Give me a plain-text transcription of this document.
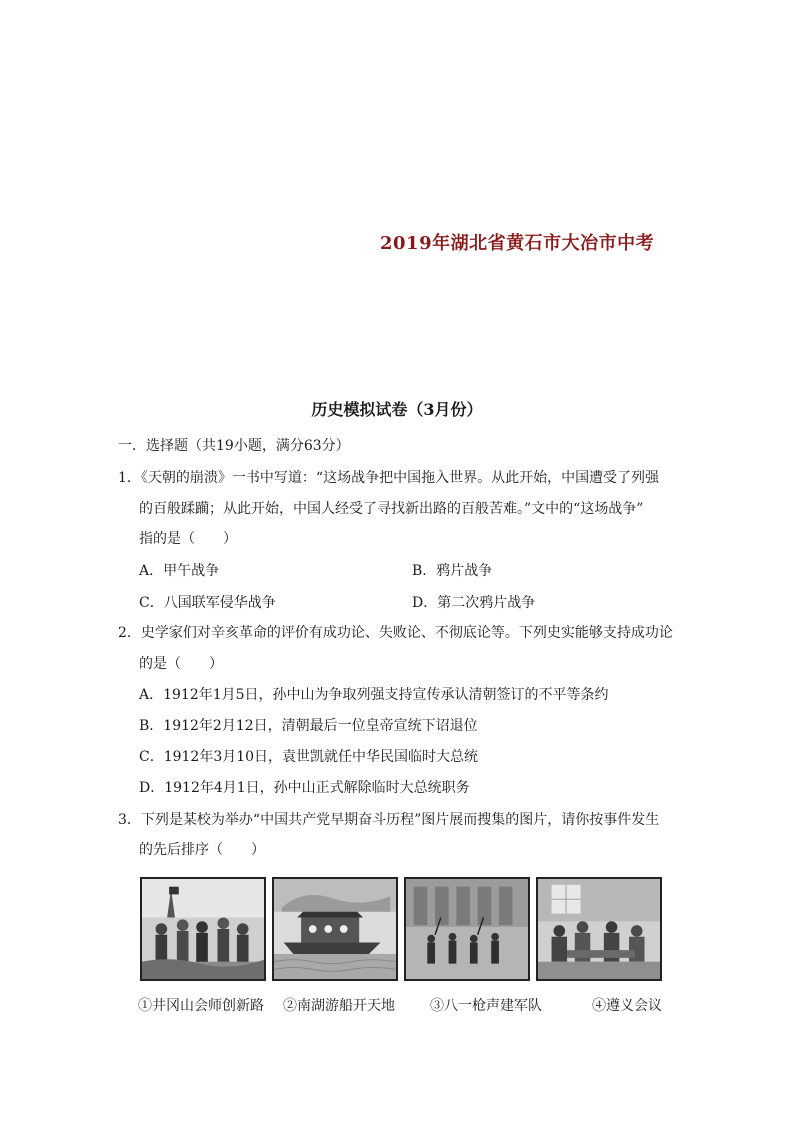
2019年湖北省黄石市大冶市中考
历史模拟试卷（3月份）
一．选择题（共19小题，满分63分）
1．《天朝的崩溃》一书中写道：“这场战争把中国拖入世界。从此开始，中国遭受了列强
的百般蹂躏；从此开始，中国人经受了寻找新出路的百般苦难。”文中的“这场战争”
指的是（　　）
A．甲午战争	B．鸦片战争
C．八国联军侵华战争	D．第二次鸦片战争
2．史学家们对辛亥革命的评价有成功论、失败论、不彻底论等。下列史实能够支持成功论
的是（　　）
A．1912年1月5日，孙中山为争取列强支持宣传承认清朝签订的不平等条约
B．1912年2月12日，清朝最后一位皇帝宣统下诏退位
C．1912年3月10日，袁世凯就任中华民国临时大总统
D．1912年4月1日，孙中山正式解除临时大总统职务
3．下列是某校为举办“中国共产党早期奋斗历程”图片展而搜集的图片，请你按事件发生
的先后排序（　　）
①井冈山会师创新路 ②南湖游船开天地	③八一枪声建军队	④遵义会议
